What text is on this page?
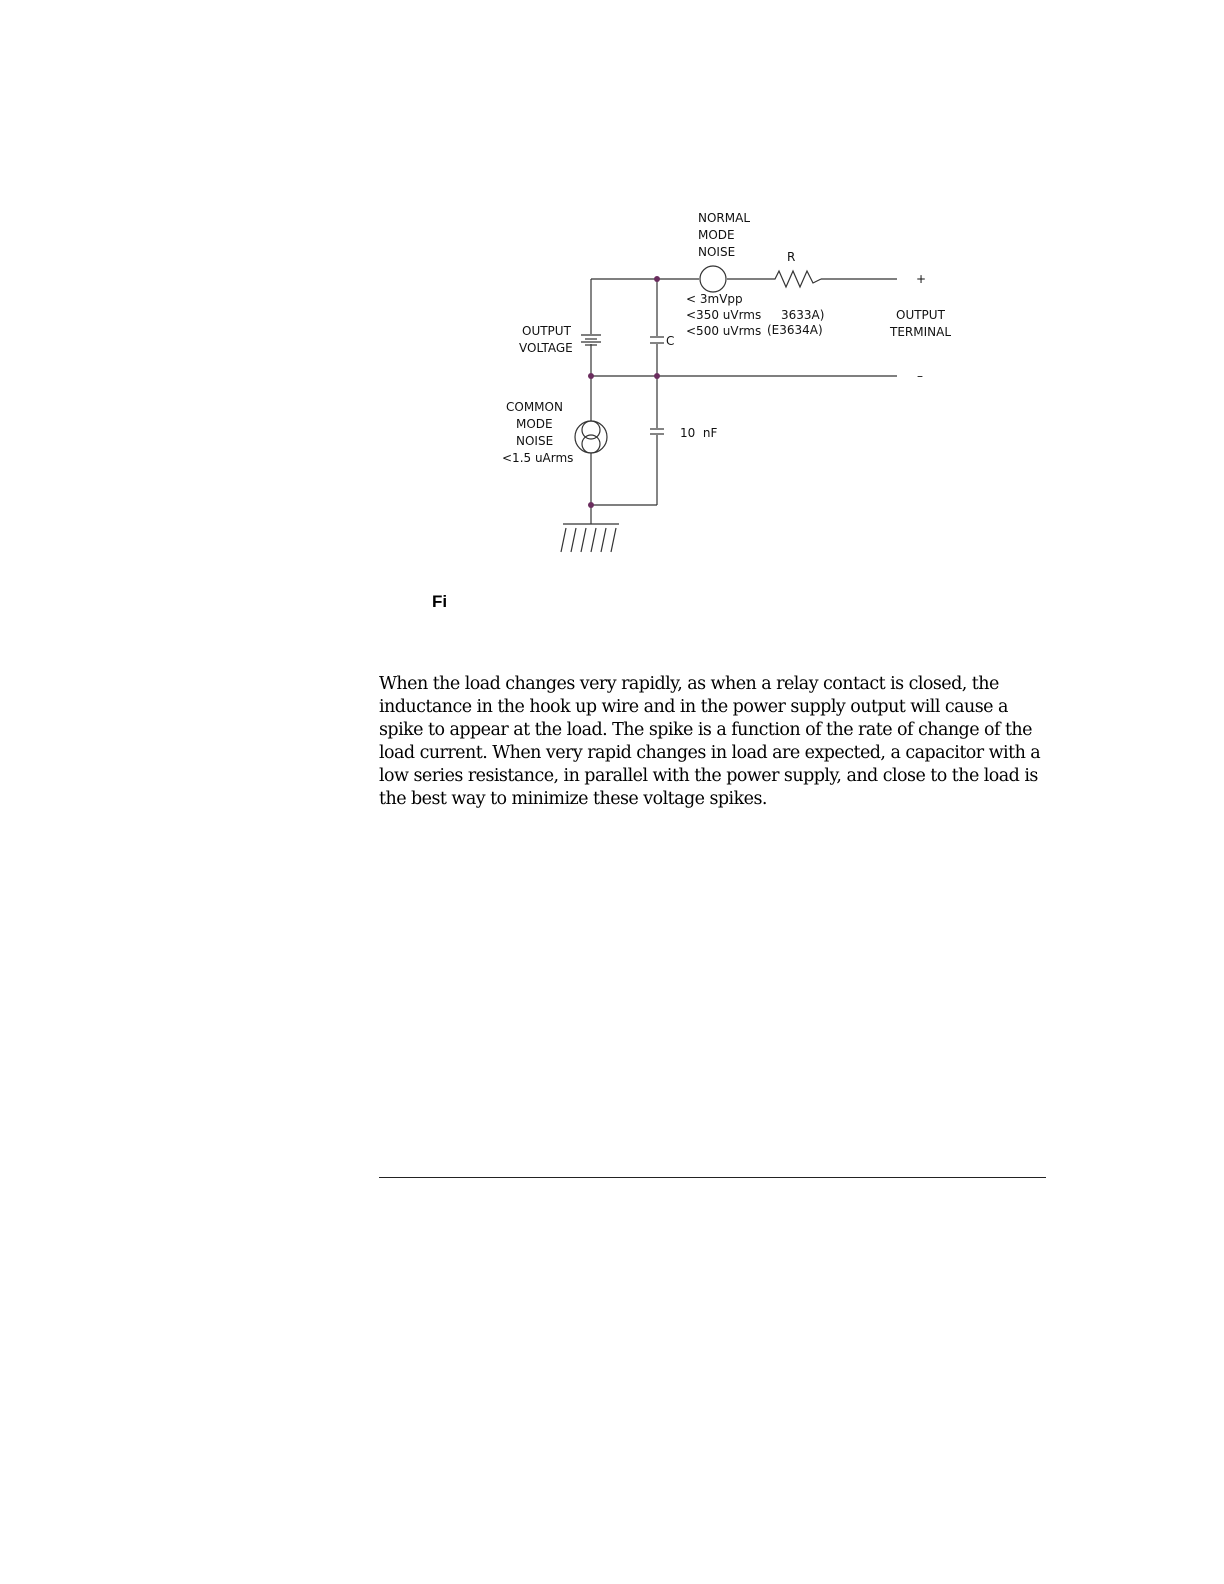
NORMAL
MODE
NOISE	R
+
–
OUTPUT
VOLTAGE	C
< 3mVpp
<350 uVrms
<500 uVrms
3633A)
(E3634A)
OUTPUT
TERMINAL
COMMON
MODE
NOISE
<1.5 uArms
10  nF
Fi

When the load changes very rapidly, as when a relay contact is closed, the inductance in the hook up wire and in the power supply output will cause a spike to appear at the load. The spike is a function of the rate of change of the load current. When very rapid changes in load are expected, a capacitor with a low series resistance, in parallel with the power supply, and close to the load is the best way to minimize these voltage spikes.
